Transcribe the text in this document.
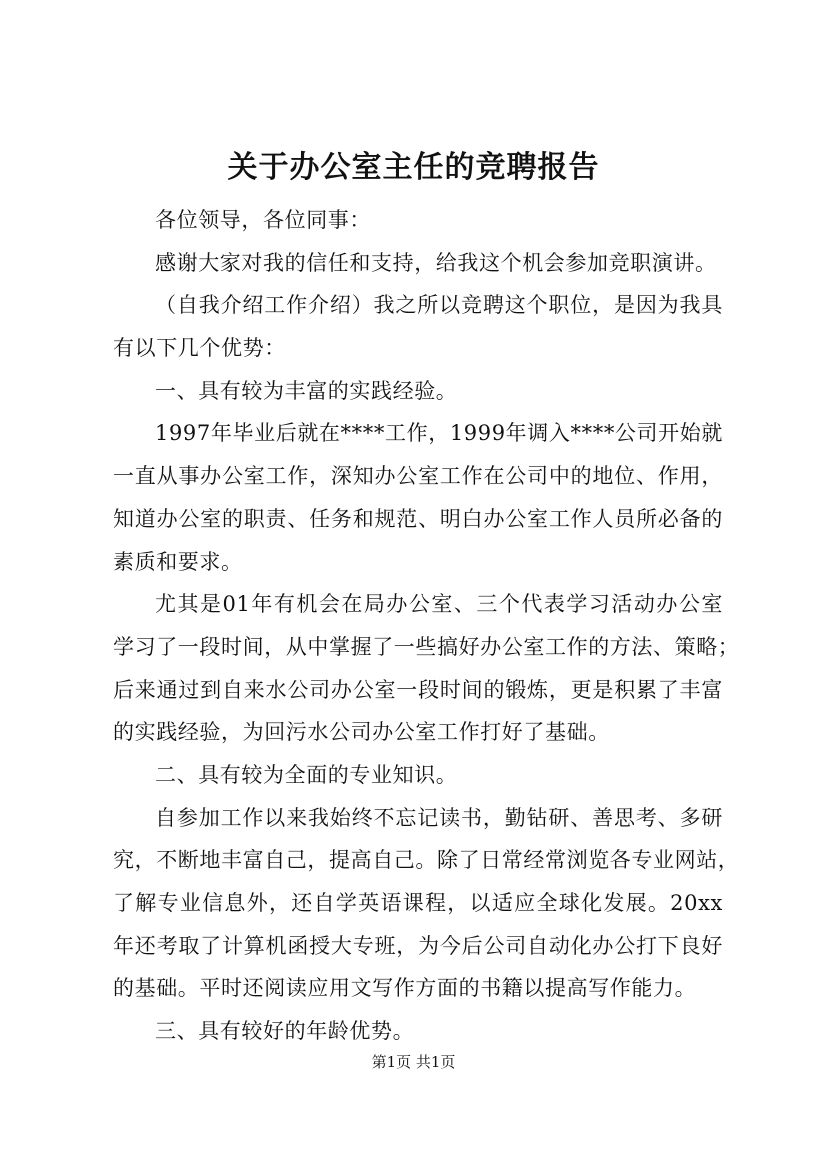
关于办公室主任的竞聘报告
各位领导，各位同事：
感谢大家对我的信任和支持，给我这个机会参加竞职演讲。
（自我介绍工作介绍）我之所以竞聘这个职位，是因为我具
有以下几个优势：
一、具有较为丰富的实践经验。
1997年毕业后就在****工作，1999年调入****公司开始就
一直从事办公室工作，深知办公室工作在公司中的地位、作用，
知道办公室的职责、任务和规范、明白办公室工作人员所必备的
素质和要求。
尤其是01年有机会在局办公室、三个代表学习活动办公室
学习了一段时间，从中掌握了一些搞好办公室工作的方法、策略；
后来通过到自来水公司办公室一段时间的锻炼，更是积累了丰富
的实践经验，为回污水公司办公室工作打好了基础。
二、具有较为全面的专业知识。
自参加工作以来我始终不忘记读书，勤钻研、善思考、多研
究，不断地丰富自己，提高自己。除了日常经常浏览各专业网站，
了解专业信息外，还自学英语课程，以适应全球化发展。20xx
年还考取了计算机函授大专班，为今后公司自动化办公打下良好
的基础。平时还阅读应用文写作方面的书籍以提高写作能力。
三、具有较好的年龄优势。
第1页 共1页
